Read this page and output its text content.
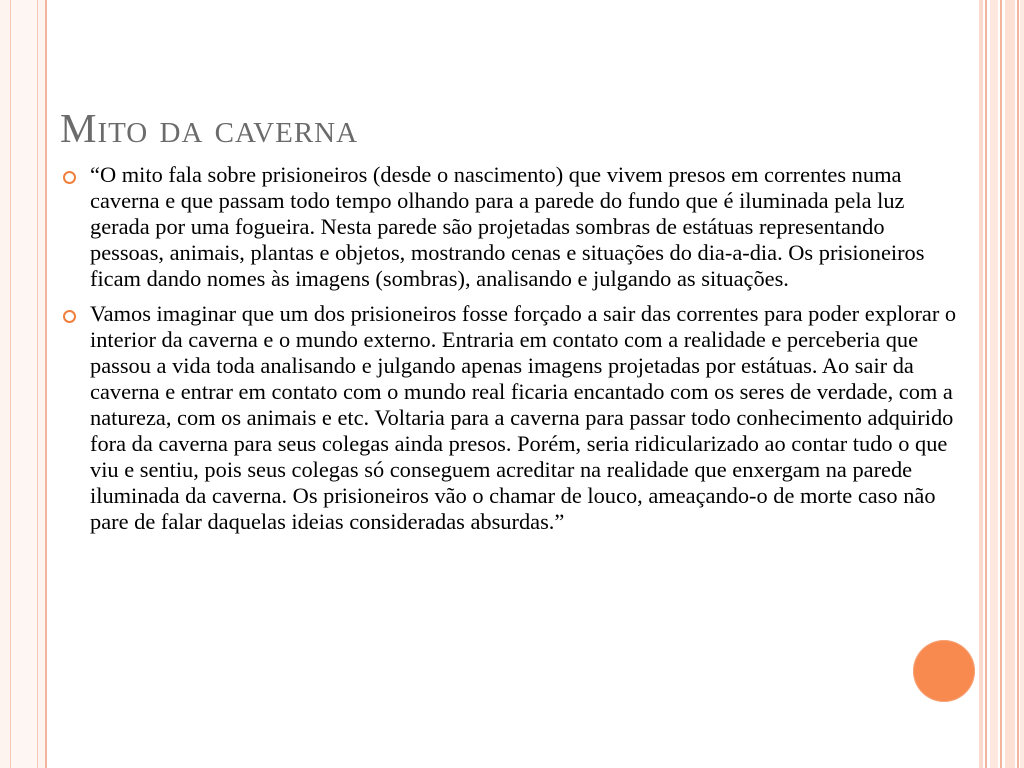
Mito da caverna
“O mito fala sobre prisioneiros (desde o nascimento) que vivem presos em correntes numa caverna e que passam todo tempo olhando para a parede do fundo que é iluminada pela luz gerada por uma fogueira. Nesta parede são projetadas sombras de estátuas representando pessoas, animais, plantas e objetos, mostrando cenas e situações do dia-a-dia. Os prisioneiros ficam dando nomes às imagens (sombras), analisando e julgando as situações.
Vamos imaginar que um dos prisioneiros fosse forçado a sair das correntes para poder explorar o interior da caverna e o mundo externo. Entraria em contato com a realidade e perceberia que passou a vida toda analisando e julgando apenas imagens projetadas por estátuas. Ao sair da caverna e entrar em contato com o mundo real ficaria encantado com os seres de verdade, com a natureza, com os animais e etc. Voltaria para a caverna para passar todo conhecimento adquirido fora da caverna para seus colegas ainda presos. Porém, seria ridicularizado ao contar tudo o que viu e sentiu, pois seus colegas só conseguem acreditar na realidade que enxergam na parede iluminada da caverna. Os prisioneiros vão o chamar de louco, ameaçando-o de morte caso não pare de falar daquelas ideias consideradas absurdas.”
